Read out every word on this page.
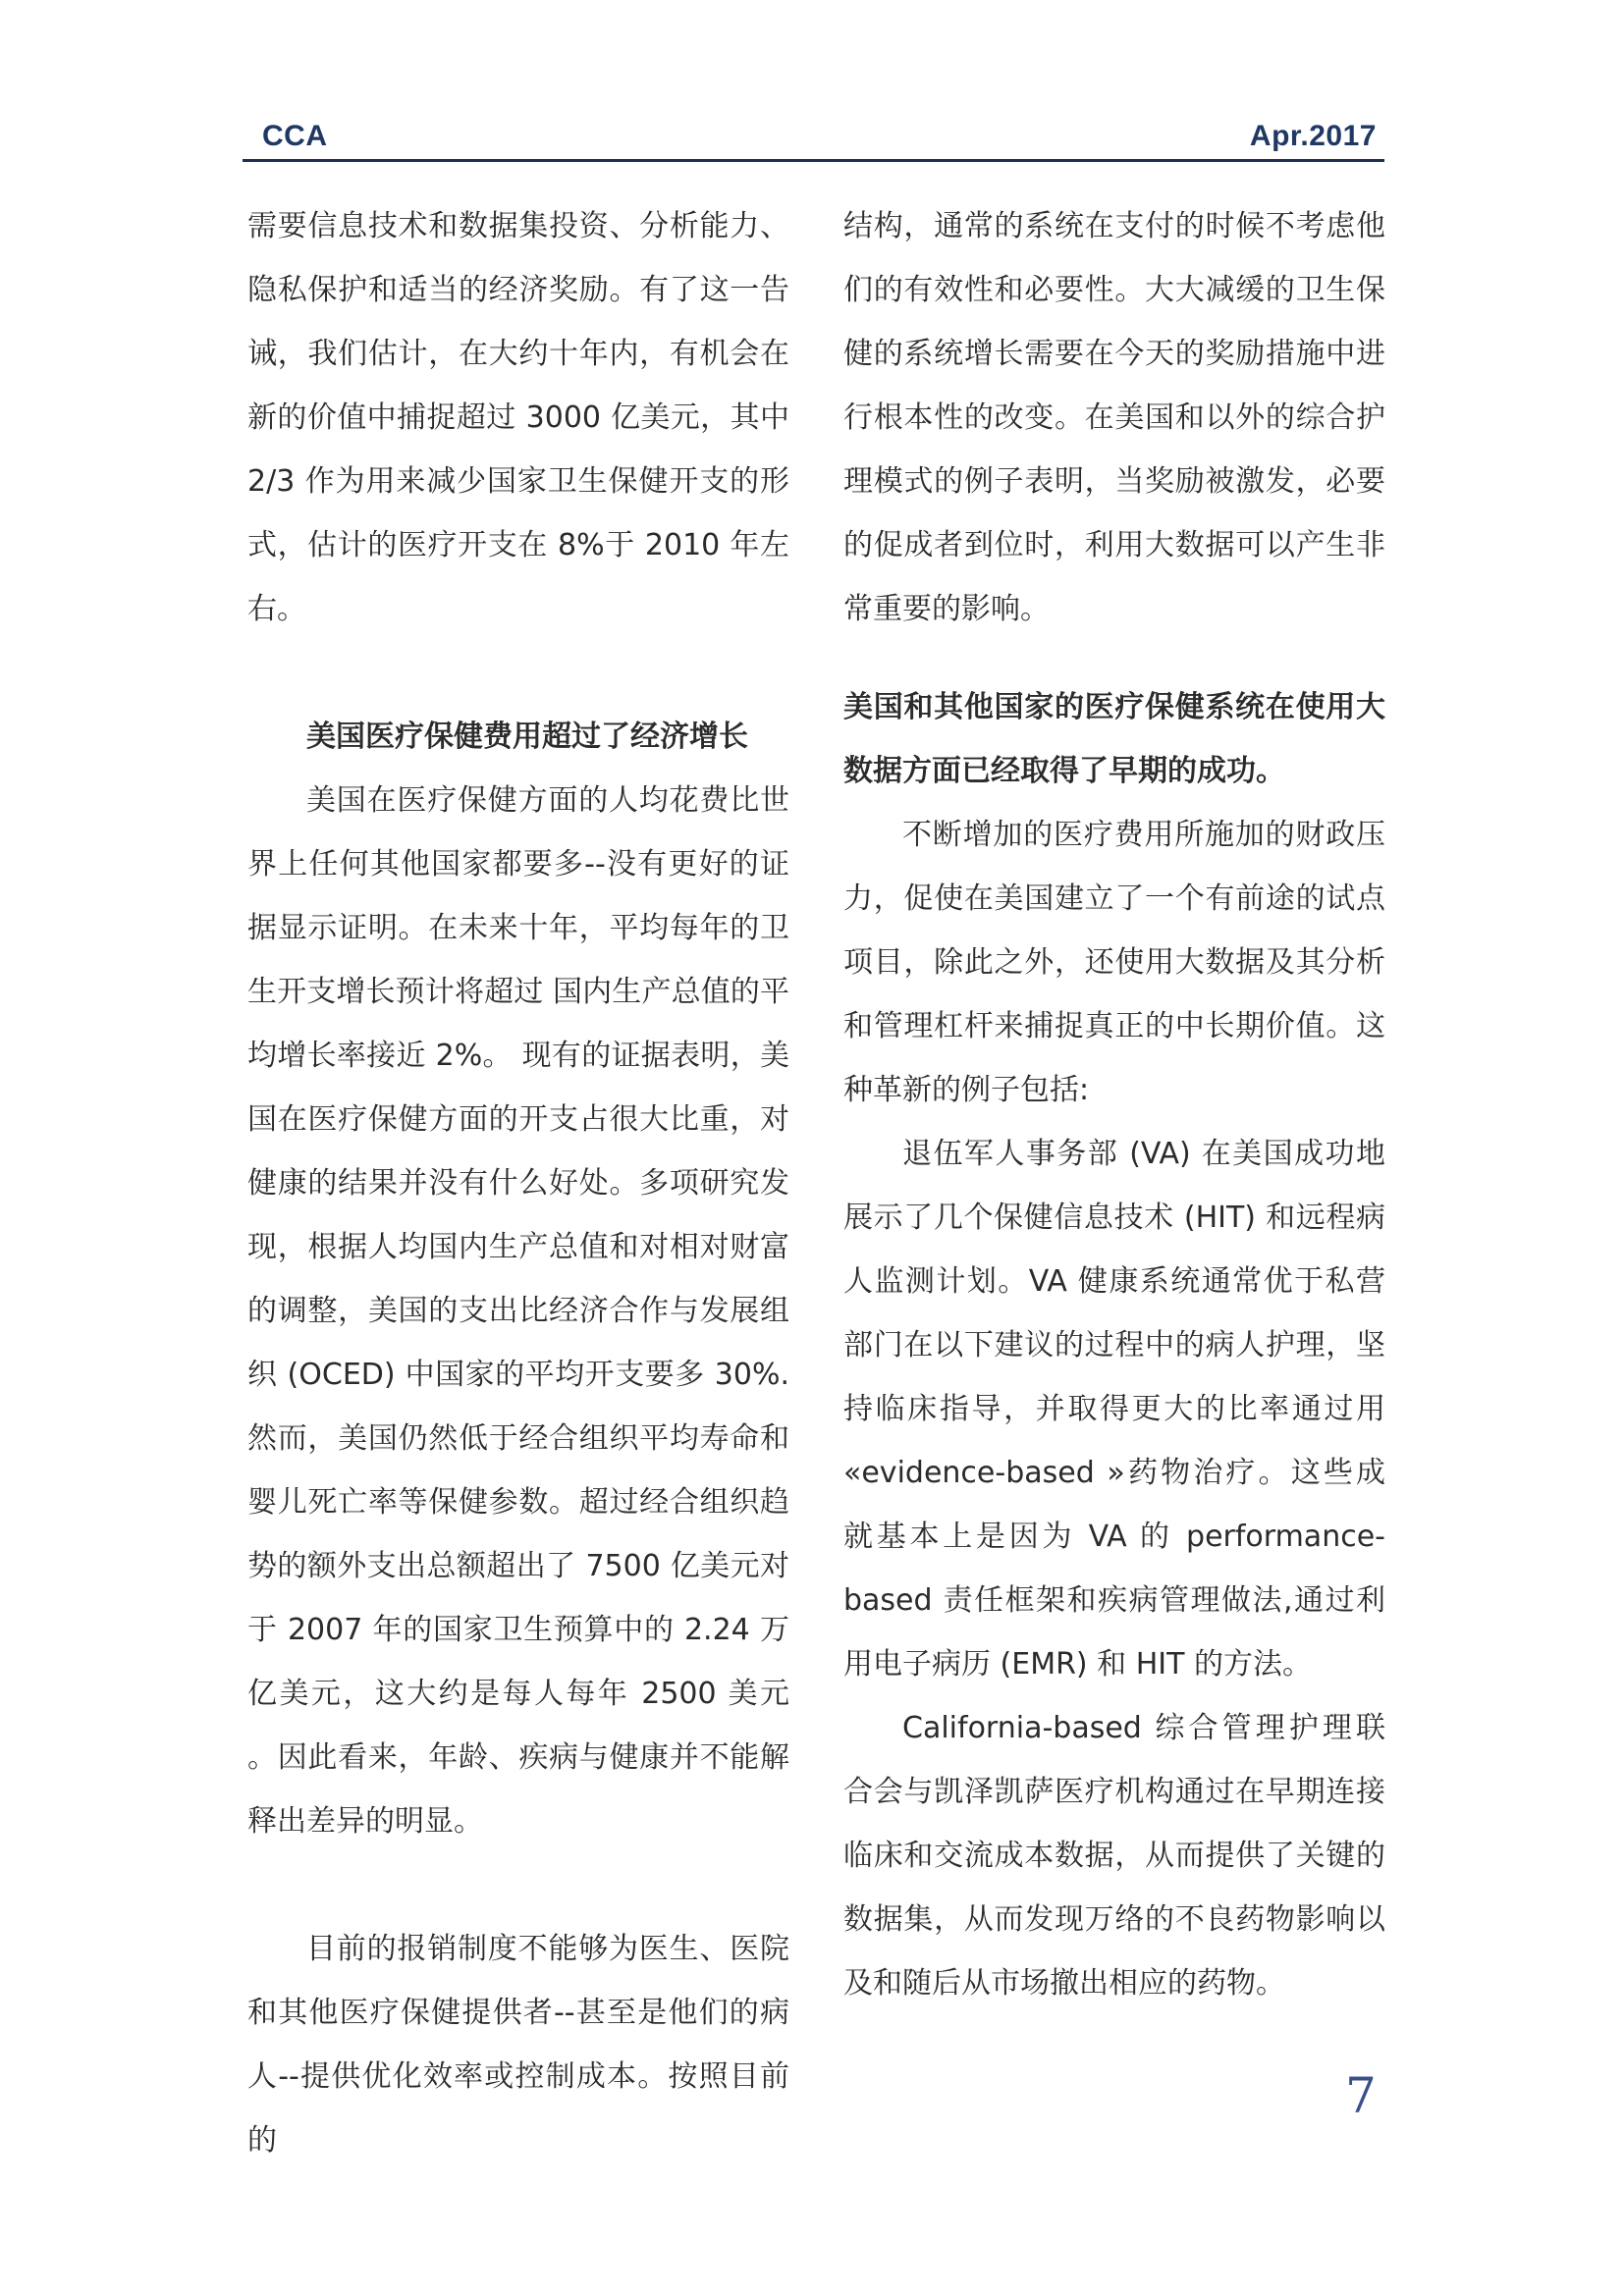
CCA	Apr.2017

需要信息技术和数据集投资、分析能力、隐私保护和适当的经济奖励。有了这一告诫，我们估计，在大约十年内，有机会在新的价值中捕捉超过 3000 亿美元，其中 2/3 作为用来减少国家卫生保健开支的形式，估计的医疗开支在 8%于 2010 年左右。

美国医疗保健费用超过了经济增长

美国在医疗保健方面的人均花费比世界上任何其他国家都要多--没有更好的证据显示证明。在未来十年，平均每年的卫生开支增长预计将超过 国内生产总值的平均增长率接近 2%。 现有的证据表明，美国在医疗保健方面的开支占很大比重，对健康的结果并没有什么好处。多项研究发现，根据人均国内生产总值和对相对财富的调整，美国的支出比经济合作与发展组织 (OCED) 中国家的平均开支要多 30%. 然而，美国仍然低于经合组织平均寿命和婴儿死亡率等保健参数。超过经合组织趋势的额外支出总额超出了 7500 亿美元对于 2007 年的国家卫生预算中的 2.24 万亿美元，这大约是每人每年 2500 美元 。因此看来，年龄、疾病与健康并不能解释出差异的明显。

目前的报销制度不能够为医生、医院和其他医疗保健提供者--甚至是他们的病人--提供优化效率或控制成本。按照目前的

结构，通常的系统在支付的时候不考虑他们的有效性和必要性。大大减缓的卫生保健的系统增长需要在今天的奖励措施中进行根本性的改变。在美国和以外的综合护理模式的例子表明，当奖励被激发，必要的促成者到位时，利用大数据可以产生非常重要的影响。

美国和其他国家的医疗保健系统在使用大数据方面已经取得了早期的成功。

不断增加的医疗费用所施加的财政压力，促使在美国建立了一个有前途的试点项目，除此之外，还使用大数据及其分析和管理杠杆来捕捉真正的中长期价值。这种革新的例子包括:

退伍军人事务部 (VA) 在美国成功地展示了几个保健信息技术 (HIT) 和远程病人监测计划。VA 健康系统通常优于私营部门在以下建议的过程中的病人护理，坚持临床指导，并取得更大的比率通过用 «evidence-based »药物治疗。这些成就基本上是因为 VA 的 performance-based 责任框架和疾病管理做法,通过利用电子病历 (EMR) 和 HIT 的方法。

California-based 综合管理护理联合会与凯泽凯萨医疗机构通过在早期连接临床和交流成本数据，从而提供了关键的数据集，从而发现万络的不良药物影响以及和随后从市场撤出相应的药物。

7
